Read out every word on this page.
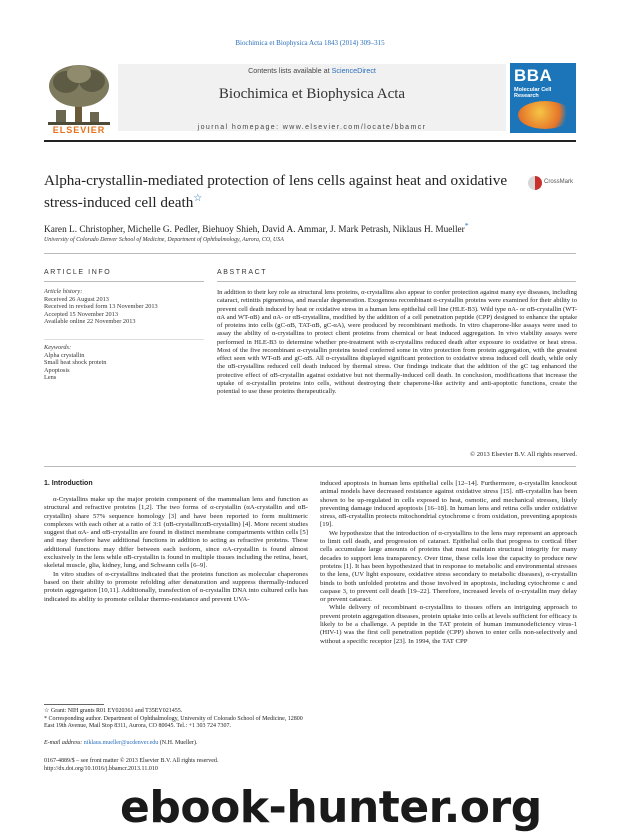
Biochimica et Biophysica Acta 1843 (2014) 309–315
ELSEVIER
Contents lists available at ScienceDirect
Biochimica et Biophysica Acta
journal homepage: www.elsevier.com/locate/bbamcr
BBA
Molecular Cell Research
Alpha-crystallin-mediated protection of lens cells against heat and oxidative stress-induced cell death☆
CrossMark
Karen L. Christopher, Michelle G. Pedler, Biehuoy Shieh, David A. Ammar, J. Mark Petrash, Niklaus H. Mueller*
University of Colorado Denver School of Medicine, Department of Ophthalmology, Aurora, CO, USA
ARTICLE INFO
Article history:
Received 26 August 2013
Received in revised form 13 November 2013
Accepted 15 November 2013
Available online 22 November 2013
Keywords:
Alpha crystallin
Small heat shock protein
Apoptosis
Lens
ABSTRACT
In addition to their key role as structural lens proteins, α-crystallins also appear to confer protection against many eye diseases, including cataract, retinitis pigmentosa, and macular degeneration. Exogenous recombinant α-crystallin proteins were examined for their ability to prevent cell death induced by heat or oxidative stress in a human lens epithelial cell line (HLE-B3). Wild type αA- or αB-crystallin (WT-αA and WT-αB) and αA- or αB-crystallins, modified by the addition of a cell penetration peptide (CPP) designed to enhance the uptake of proteins into cells (gC-αB, TAT-αB, gC-αA), were produced by recombinant methods. In vitro chaperone-like assays were used to assay the ability of α-crystallins to protect client proteins from chemical or heat induced aggregation. In vivo viability assays were performed in HLE-B3 to determine whether pre-treatment with α-crystallins reduced death after exposure to oxidative or heat stress. Most of the five recombinant α-crystallin proteins tested conferred some in vitro protection from protein aggregation, with the greatest effect seen with WT-αB and gC-αB. All α-crystallins displayed significant protection to oxidative stress induced cell death, while only the αB-crystallins reduced cell death induced by thermal stress. Our findings indicate that the addition of the gC tag enhanced the protective effect of αB-crystallin against oxidative but not thermally-induced cell death. In conclusion, modifications that increase the uptake of α-crystallin proteins into cells, without destroying their chaperone-like activity and anti-apoptotic functions, create the potential to use these proteins therapeutically.
© 2013 Elsevier B.V. All rights reserved.
1. Introduction

α-Crystallins make up the major protein component of the mammalian lens and function as structural and refractive proteins [1,2]. The two forms of α-crystallin (αA-crystallin and αB-crystallin) share 57% sequence homology [3] and have been reported to form multimeric complexes with each other at a ratio of 3:1 (αB-crystallin:αB-crystallin) [4]. More recent studies suggest that αA- and αB-crystallin are found in distinct membrane compartments within cells [5] and may therefore have additional functions in addition to acting as refractive proteins. These additional functions may differ between each isoform, since αA-crystallin is found almost exclusively in the lens while αB-crystallin is found in multiple tissues including the retina, heart, skeletal muscle, glia, kidney, lung, and Schwann cells [6–9].

In vitro studies of α-crystallins indicated that the proteins function as molecular chaperones based on their ability to promote refolding after denaturation and suppress thermally-induced protein aggregation [10,11]. Additionally, transfection of α-crystallin DNA into cultured cells has indicated its ability to promote cellular thermo-resistance and prevent UVA-

induced apoptosis in human lens epithelial cells [12–14]. Furthermore, α-crystallin knockout animal models have decreased resistance against oxidative stress [15]. αB-crystallin has been shown to be up-regulated in cells exposed to heat, osmotic, and mechanical stresses, likely preventing damage induced apoptosis [16–18]. In human lens and retina cells under oxidative stress, αB-crystallin protects mitochondrial cytochrome c from oxidation, preventing apoptosis [19].

We hypothesize that the introduction of α-crystallins to the lens may represent an approach to limit cell death, and progression of cataract. Epithelial cells that progress to cortical fiber cells accumulate large amounts of proteins that must maintain structural integrity for many decades to support lens transparency. Over time, these cells lose the capacity to produce new proteins [1]. It has been hypothesized that in response to metabolic and environmental stresses to the lens, (UV light exposure, oxidative stress secondary to metabolic diseases), α-crystallin binds to both unfolded proteins and those involved in apoptosis, including cytochrome c and caspase 3, to prevent cell death [19–22]. Therefore, increased levels of α-crystallin may delay or prevent cataract.

While delivery of recombinant α-crystallins to tissues offers an intriguing approach to prevent protein aggregation diseases, protein uptake into cells at levels sufficient for efficacy is likely to be a challenge. A peptide in the TAT protein of human immunodeficiency virus-1 (HIV-1) was the first cell penetration peptide (CPP) shown to enter cells non-selectively and without a specific receptor [23]. In 1994, the TAT CPP

☆ Grant: NIH grants R01 EY020361 and T35EY021455.
* Corresponding author. Department of Ophthalmology, University of Colorado School of Medicine, 12800 East 19th Avenue, Mail Stop 8311, Aurora, CO 80045. Tel.: +1 303 724 7307.
E-mail address: niklaus.mueller@ucdenver.edu (N.H. Mueller).
0167-4889/$ – see front matter © 2013 Elsevier B.V. All rights reserved.
http://dx.doi.org/10.1016/j.bbamcr.2013.11.010
ebook-hunter.org
